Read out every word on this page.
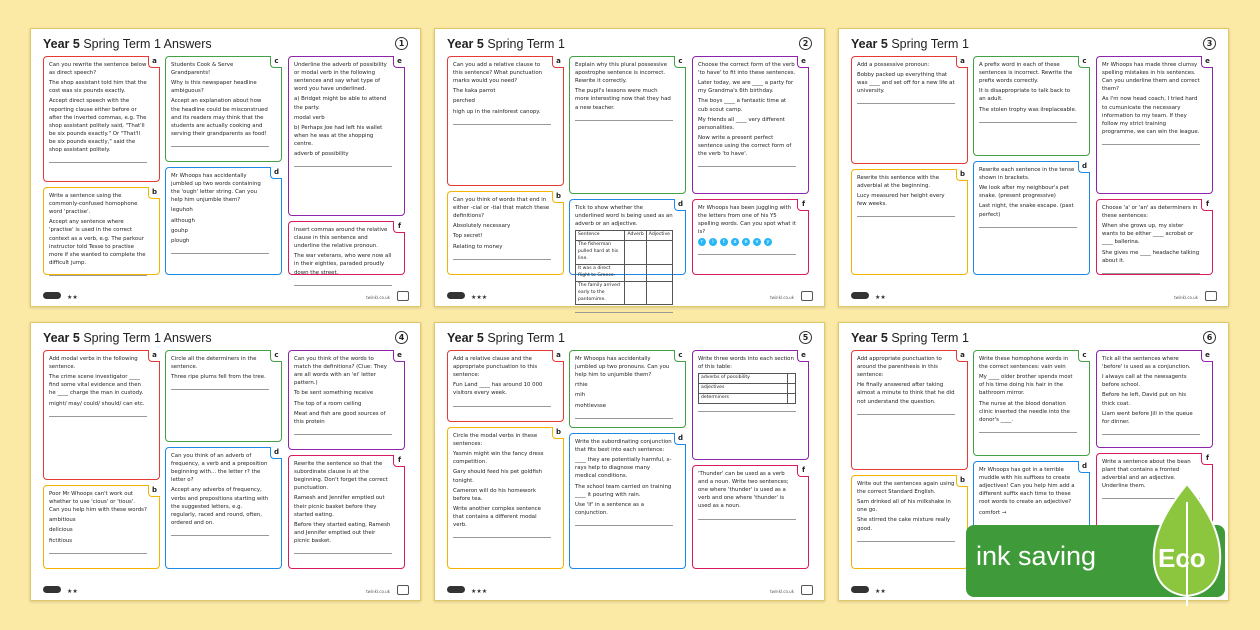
Year 5 Spring Term 1 Answers	1
a

Can you rewrite the sentence below as direct speech?

The shop assistant told him that the cost was six pounds exactly.

Accept direct speech with the reporting clause either before or after the inverted commas, e.g. The shop assistant politely said, "That'll be six pounds exactly." Or "That'll be six pounds exactly," said the shop assistant politely.

b

Write a sentence using the commonly-confused homophone word 'practise'.

Accept any sentence where 'practise' is used in the correct context as a verb, e.g. The parkour instructor told Tesse to practise more if she wanted to complete the difficult jump.

c

Students Cook & Serve Grandparents!

Why is this newspaper headline ambiguous?

Accept an explanation about how the headline could be misconstrued and its readers may think that the students are actually cooking and serving their grandparents as food!

d

Mr Whoops has accidentally jumbled up two words containing the 'ough' letter string. Can you help him unjumble them?

leguhoh

although

gouhp

plough

e

Underline the adverb of possibility or modal verb in the following sentences and say what type of word you have underlined.

a) Bridget might be able to attend the party.

modal verb

b) Perhaps Joe had left his wallet when he was at the shopping centre.

adverb of possibility

f

Insert commas around the relative clause in this sentence and underline the relative pronoun.

The war veterans, who were now all in their eighties, paraded proudly down the street.

★★	twinkl.co.uk
Year 5 Spring Term 1	2
a

Can you add a relative clause to this sentence? What punctuation marks would you need?

The kaka parrot

perched

high up in the rainforest canopy.

b

Can you think of words that end in either -cial or -tial that match these definitions?

Absolutely necessary

Top secret!

Relating to money

c

Explain why this plural possessive apostrophe sentence is incorrect. Rewrite it correctly.

The pupil's lessons were much more interesting now that they had a new teacher.

d

Tick to show whether the underlined word is being used as an adverb or an adjective.

Sentence	Adverb	Adjective
The fisherman pulled hard at his line.		
It was a direct flight to Greece.		
The family arrived early to the pantomime.		
e

Choose the correct form of the verb 'to have' to fit into these sentences.

Later today, we are ____ a party for my Grandma's 6th birthday.

The boys ____ a fantastic time at cub scout camp.

My friends all ____ very different personalities.

Now write a present perfect sentence using the correct form of the verb 'to have'.

f

Mr Whoops has been juggling with the letters from one of his Y5 spelling words. Can you spot what it is?

r i t a e v y
★★★	twinkl.co.uk
Year 5 Spring Term 1	3
a

Add a possessive pronoun:

Bobby packed up everything that was ____ and set off for a new life at university.

b

Rewrite this sentence with the adverbial at the beginning.

Lucy measured her height every few weeks.

c

A prefix word in each of these sentences is incorrect. Rewrite the prefix words correctly.

It is disappropriate to talk back to an adult.

The stolen trophy was ilreplaceable.

d

Rewrite each sentence in the tense shown in brackets.

We look after my neighbour's pet snake. (present progressive)

Last night, the snake escape. (past perfect)

e

Mr Whoops has made three clumsy spelling mistakes in his sentences. Can you underline them and correct them?

As I'm now head coach, I tried hard to cumunicate the necessary information to my team. If they follow my strict training programme, we can win the league.

f

Choose 'a' or 'an' as determiners in these sentences:

When she grows up, my sister wants to be either ____ acrobat or ____ ballerina.

She gives me ____ headache talking about it.

★★	twinkl.co.uk
Year 5 Spring Term 1 Answers	4
a

Add modal verbs in the following sentence.

The crime scene investigator ____ find some vital evidence and then he ____ charge the man in custody.

might/ may/ could/ should/ can etc.

b

Poor Mr Whoops can't work out whether to use 'cious' or 'tious'. Can you help him with these words?

ambitious

delicious

fictitious

c

Circle all the determiners in the sentence.

Three ripe plums fell from the tree.

d

Can you think of an adverb of frequency, a verb and a preposition beginning with... the letter r? the letter o?

Accept any adverbs of frequency, verbs and prepositions starting with the suggested letters, e.g. regularly, raced and round, often, ordered and on.

e

Can you think of the words to match the definitions? (Clue: They are all words with an 'ei' letter pattern.)

To be sent something receive

The top of a room ceiling

Meat and fish are good sources of this protein

f

Rewrite the sentence so that the subordinate clause is at the beginning. Don't forget the correct punctuation.

Ramesh and Jennifer emptied out their picnic basket before they started eating.

Before they started eating, Ramesh and Jennifer emptied out their picnic basket.

★★	twinkl.co.uk
Year 5 Spring Term 1	5
a

Add a relative clause and the appropriate punctuation to this sentence:

Fun Land ____ has around 10 000 visitors every week.

b

Circle the modal verbs in these sentences:

Yasmin might win the fancy dress competition.

Gary should feed his pet goldfish tonight.

Cameron will do his homework before tea.

Write another complex sentence that contains a different modal verb.

c

Mr Whoops has accidentally jumbled up two pronouns. Can you help him to unjumble them?

rthie

mih

mohtlevsse

d

Write the subordinating conjunction that fits best into each sentence:

____ they are potentially harmful, x-rays help to diagnose many medical conditions.

The school team carried on training ____ it pouring with rain.

Use 'if' in a sentence as a conjunction.

e

Write three words into each section of this table:

adverbs of possibility	
adjectives	
determiners	
f

'Thunder' can be used as a verb and a noun. Write two sentences; one where 'thunder' is used as a verb and one where 'thunder' is used as a noun.

★★★	twinkl.co.uk
Year 5 Spring Term 1	6
a

Add appropriate punctuation to around the parenthesis in this sentence:

He finally answered after taking almost a minute to think that he did not understand the question.

b

Write out the sentences again using the correct Standard English.

Sam drinked all of his milkshake in one go.

She stirred the cake mixture really good.

c

Write these homophone words in the correct sentences: vain vein

My ____ older brother spends most of his time doing his hair in the bathroom mirror.

The nurse at the blood donation clinic inserted the needle into the donor's ____.

d

Mr Whoops has got in a terrible muddle with his suffixes to create adjectives! Can you help him add a different suffix each time to these root words to create an adjective?

comfort →

e

Tick all the sentences where 'before' is used as a conjunction.

I always call at the newsagents before school.

Before he left, David put on his thick coat.

Liam went before Jill in the queue for dinner.

f

Write a sentence about the bean plant that contains a fronted adverbial and an adjective. Underline them.

★★
ink saving Eco
